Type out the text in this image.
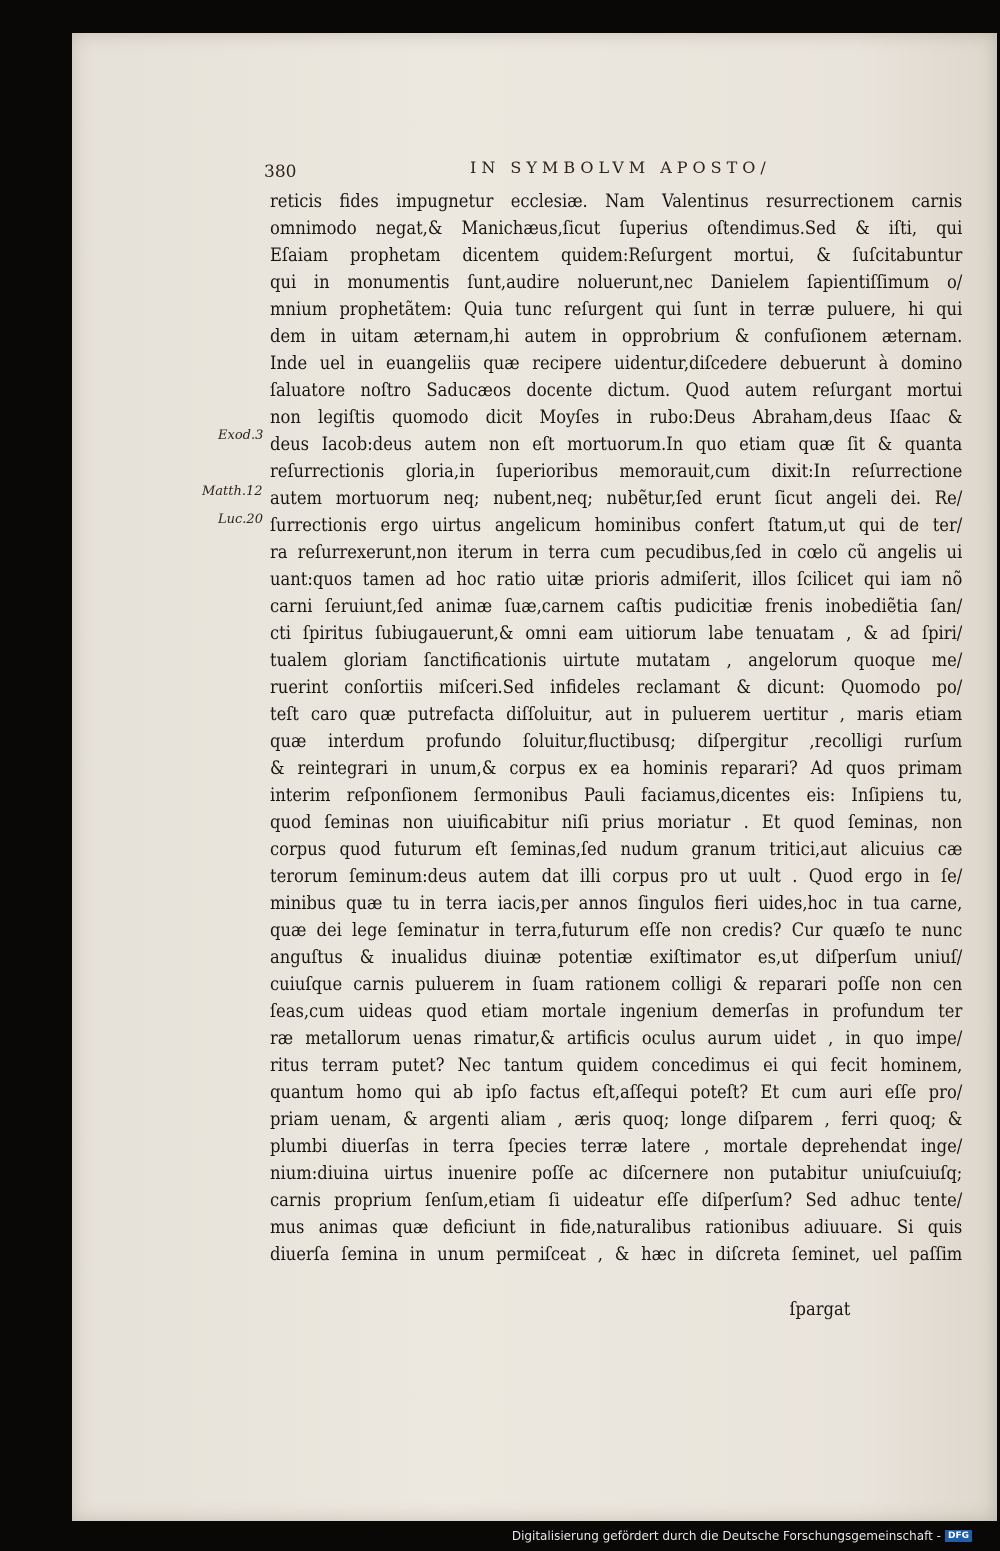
380	IN SYMBOLVM APOSTO/
Exod.3
Matth.12
Luc.20
reticis fides impugnetur ecclesiæ. Nam Valentinus resurrectionem carnis
omnimodo negat,& Manichæus,ſicut ſuperius oſtendimus.Sed & iſti, qui
Eſaiam prophetam dicentem quidem:Reſurgent mortui, & ſuſcitabuntur
qui in monumentis ſunt,audire noluerunt,nec Danielem ſapientiſſimum o/
mnium prophetãtem: Quia tunc reſurgent qui ſunt in terræ puluere, hi qui
dem in uitam æternam,hi autem in opprobrium & confuſionem æternam.
Inde uel in euangeliis quæ recipere uidentur,diſcedere debuerunt à domino
ſaluatore noſtro Saducæos docente dictum. Quod autem reſurgant mortui
non legiſtis quomodo dicit Moyſes in rubo:Deus Abraham,deus Iſaac &
deus Iacob:deus autem non eſt mortuorum.In quo etiam quæ ſit & quanta
reſurrectionis gloria,in ſuperioribus memorauit,cum dixit:In reſurrectione
autem mortuorum neq; nubent,neq; nubẽtur,ſed erunt ſicut angeli dei. Re/
ſurrectionis ergo uirtus angelicum hominibus confert ſtatum,ut qui de ter/
ra reſurrexerunt,non iterum in terra cum pecudibus,ſed in cœlo cũ angelis ui
uant:quos tamen ad hoc ratio uitæ prioris admiſerit, illos ſcilicet qui iam nõ
carni ſeruiunt,ſed animæ ſuæ,carnem caſtis pudicitiæ frenis inobediẽtia ſan/
cti ſpiritus ſubiugauerunt,& omni eam uitiorum labe tenuatam , & ad ſpiri/
tualem gloriam ſanctificationis uirtute mutatam , angelorum quoque me/
ruerint conſortiis miſceri.Sed infideles reclamant & dicunt: Quomodo po/
teſt caro quæ putrefacta diſſoluitur, aut in puluerem uertitur , maris etiam
quæ interdum profundo ſoluitur,fluctibusq; diſpergitur ,recolligi rurſum
& reintegrari in unum,& corpus ex ea hominis reparari? Ad quos primam
interim reſponſionem ſermonibus Pauli faciamus,dicentes eis: Inſipiens tu,
quod ſeminas non uiuificabitur niſi prius moriatur . Et quod ſeminas, non
corpus quod futurum eſt ſeminas,ſed nudum granum tritici,aut alicuius cæ
terorum ſeminum:deus autem dat illi corpus pro ut uult . Quod ergo in ſe/
minibus quæ tu in terra iacis,per annos ſingulos fieri uides,hoc in tua carne,
quæ dei lege ſeminatur in terra,futurum eſſe non credis? Cur quæſo te nunc
anguſtus & inualidus diuinæ potentiæ exiſtimator es,ut diſperſum uniuſ/
cuiuſque carnis puluerem in ſuam rationem colligi & reparari poſſe non cen
ſeas,cum uideas quod etiam mortale ingenium demerſas in profundum ter
ræ metallorum uenas rimatur,& artificis oculus aurum uidet , in quo impe/
ritus terram putet? Nec tantum quidem concedimus ei qui fecit hominem,
quantum homo qui ab ipſo factus eſt,aſſequi poteſt? Et cum auri eſſe pro/
priam uenam, & argenti aliam , æris quoq; longe diſparem , ferri quoq; &
plumbi diuerſas in terra ſpecies terræ latere , mortale deprehendat inge/
nium:diuina uirtus inuenire poſſe ac diſcernere non putabitur uniuſcuiuſq;
carnis proprium ſenſum,etiam ſi uideatur eſſe diſperſum? Sed adhuc tente/
mus animas quæ deficiunt in fide,naturalibus rationibus adiuuare. Si quis
diuerſa ſemina in unum permiſceat , & hæc in diſcreta ſeminet, uel paſſim
ſpargat
Digitalisierung gefördert durch die Deutsche Forschungsgemeinschaft - DFG
